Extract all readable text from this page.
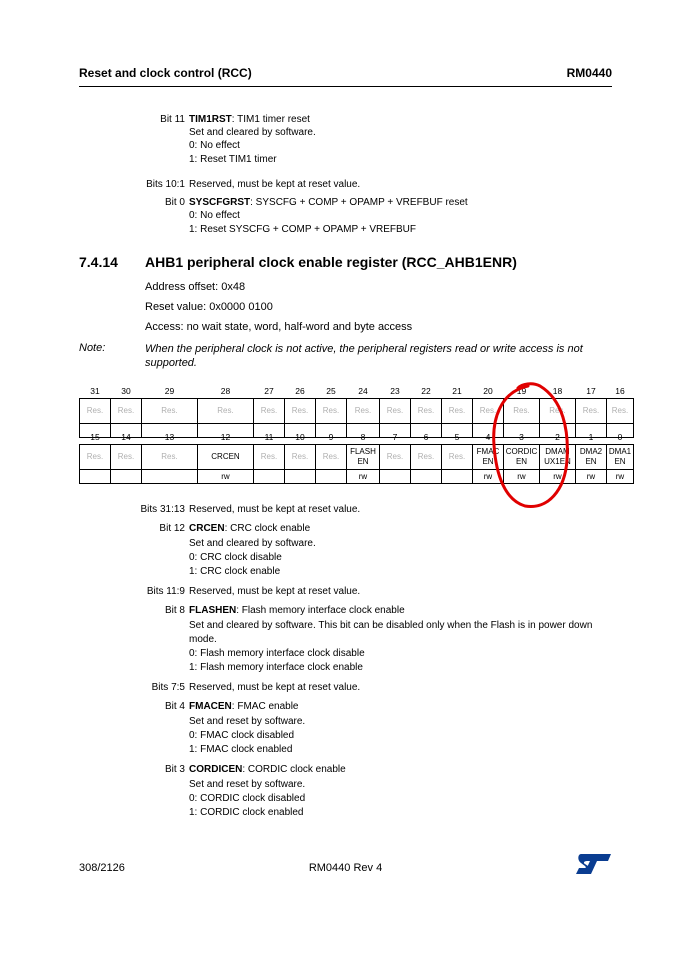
Reset and clock control (RCC)	RM0440
Bit 11 TIM1RST: TIM1 timer reset
Set and cleared by software.
0: No effect
1: Reset TIM1 timer
Bits 10:1 Reserved, must be kept at reset value.
Bit 0 SYSCFGRST: SYSCFG + COMP + OPAMP + VREFBUF reset
0: No effect
1: Reset SYSCFG + COMP + OPAMP + VREFBUF
7.4.14 AHB1 peripheral clock enable register (RCC_AHB1ENR)
Address offset: 0x48
Reset value: 0x0000 0100
Access: no wait state, word, half-word and byte access
Note:	When the peripheral clock is not active, the peripheral registers read or write access is not supported.
31	30	29	28	27	26	25	24	23	22	21	20	19	18	17	16
Res.	Res.	Res.	Res.	Res.	Res.	Res.	Res.	Res.	Res.	Res.	Res.	Res.	Res.	Res.	Res.

15	14	13	12	11	10	9	8	7	6	5	4	3	2	1	0
Res.	Res.	Res.	CRCEN	Res.	Res.	Res.	FLASH EN	Res.	Res.	Res.	FMAC EN	CORDIC EN	DMAM UX1EN	DMA2 EN	DMA1 EN
			rw				rw				rw	rw	rw	rw	rw
Bits 31:13 Reserved, must be kept at reset value.
Bit 12 CRCEN: CRC clock enable
Set and cleared by software.
0: CRC clock disable
1: CRC clock enable
Bits 11:9 Reserved, must be kept at reset value.
Bit 8 FLASHEN: Flash memory interface clock enable
Set and cleared by software. This bit can be disabled only when the Flash is in power down
mode.
0: Flash memory interface clock disable
1: Flash memory interface clock enable
Bits 7:5 Reserved, must be kept at reset value.
Bit 4 FMACEN: FMAC enable
Set and reset by software.
0: FMAC clock disabled
1: FMAC clock enabled
Bit 3 CORDICEN: CORDIC clock enable
Set and reset by software.
0: CORDIC clock disabled
1: CORDIC clock enabled
308/2126	RM0440 Rev 4
